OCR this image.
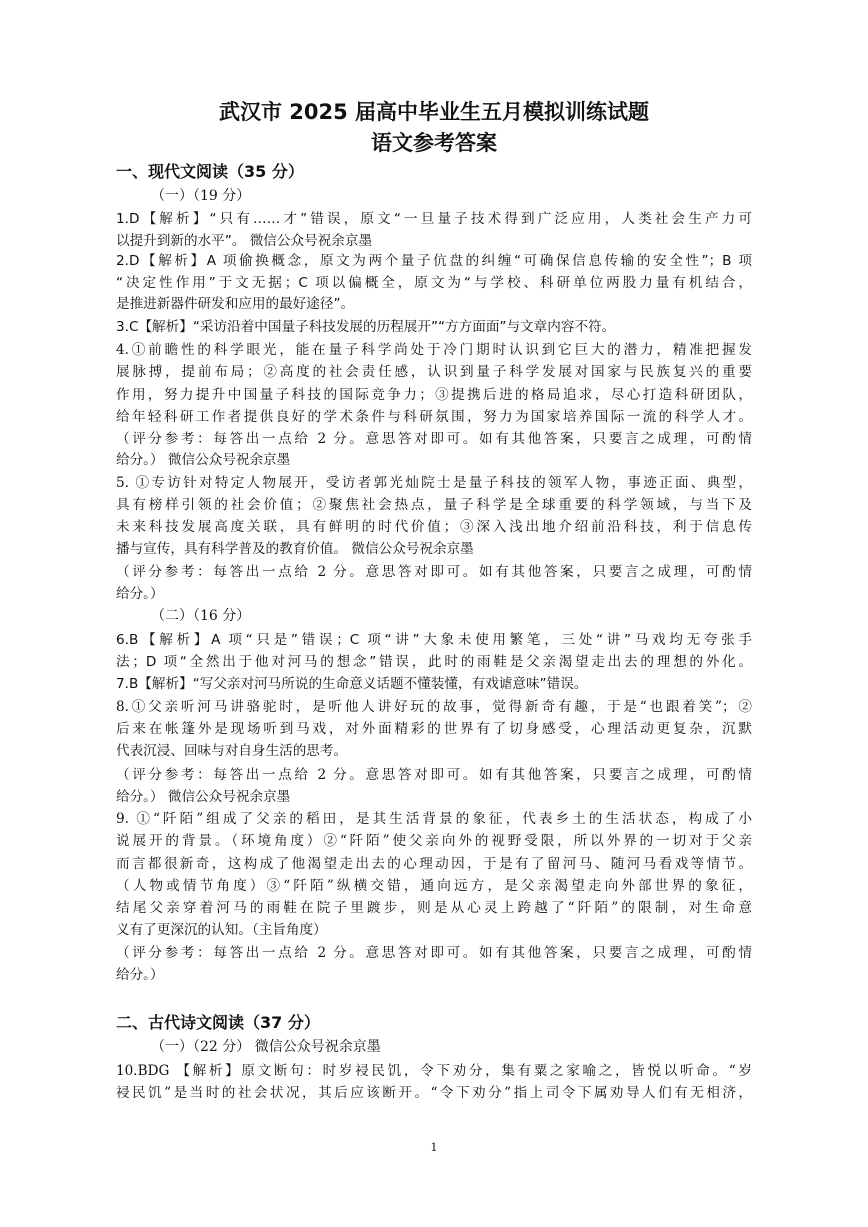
武汉市 2025 届高中毕业生五月模拟训练试题
语文参考答案
一、现代文阅读（35 分）
（一）（19 分）
1.D【解析】“只有……才”错误，原文“一旦量子技术得到广泛应用，人类社会生产力可
以提升到新的水平”。 微信公众号祝余京墨
2.D【解析】A 项偷换概念，原文为两个量子伉盘的纠缠“可确保信息传输的安全性”；B 项
“决定性作用”于文无据；C 项以偏概全，原文为“与学校、科研单位两股力量有机结合，
是推进新器件研发和应用的最好途径”。
3.C【解析】“采访沿着中国量子科技发展的历程展开”“方方面面”与文章内容不符。
4.①前瞻性的科学眼光，能在量子科学尚处于冷门期时认识到它巨大的潜力，精准把握发
展脉搏，提前布局；②高度的社会责任感，认识到量子科学发展对国家与民族复兴的重要
作用，努力提升中国量子科技的国际竞争力；③提携后进的格局追求，尽心打造科研团队，
给年轻科研工作者提供良好的学术条件与科研氛围，努力为国家培养国际一流的科学人才。
（评分参考：每答出一点给 2 分。意思答对即可。如有其他答案，只要言之成理，可酌情
给分。） 微信公众号祝余京墨
5. ①专访针对特定人物展开，受访者郭光灿院士是量子科技的领军人物，事迹正面、典型，
具有榜样引领的社会价值；②聚焦社会热点，量子科学是全球重要的科学领域，与当下及
未来科技发展高度关联，具有鲜明的时代价值；③深入浅出地介绍前沿科技，利于信息传
播与宣传，具有科学普及的教育价值。 微信公众号祝余京墨
（评分参考：每答出一点给 2 分。意思答对即可。如有其他答案，只要言之成理，可酌情
给分。）
（二）（16 分）
6.B【解析】A 项“只是”错误；C 项“讲”大象未使用繁笔，三处“讲”马戏均无夸张手
法；D 项“全然出于他对河马的想念”错误，此时的雨鞋是父亲渴望走出去的理想的外化。
7.B【解析】“写父亲对河马所说的生命意义话题不懂装懂，有戏谑意味”错误。
8.①父亲听河马讲骆驼时，是听他人讲好玩的故事，觉得新奇有趣，于是“也跟着笑”；②
后来在帐篷外是现场听到马戏，对外面精彩的世界有了切身感受，心理活动更复杂，沉默
代表沉浸、回味与对自身生活的思考。
（评分参考：每答出一点给 2 分。意思答对即可。如有其他答案，只要言之成理，可酌情
给分。） 微信公众号祝余京墨
9. ①“阡陌”组成了父亲的稻田，是其生活背景的象征，代表乡土的生活状态，构成了小
说展开的背景。（环境角度）②“阡陌”使父亲向外的视野受限，所以外界的一切对于父亲
而言都很新奇，这构成了他渴望走出去的心理动因，于是有了留河马、随河马看戏等情节。
（人物或情节角度）③“阡陌”纵横交错，通向远方，是父亲渴望走向外部世界的象征，
结尾父亲穿着河马的雨鞋在院子里踱步，则是从心灵上跨越了“阡陌”的限制，对生命意
义有了更深沉的认知。（主旨角度）
（评分参考：每答出一点给 2 分。意思答对即可。如有其他答案，只要言之成理，可酌情
给分。）
二、古代诗文阅读（37 分）
（一）（22 分） 微信公众号祝余京墨
10.BDG 【解析】原文断句：时岁祲民饥，令下劝分，集有粟之家喻之，皆悦以听命。“岁
祲民饥”是当时的社会状况，其后应该断开。“令下劝分”指上司令下属劝导人们有无相济，
1
